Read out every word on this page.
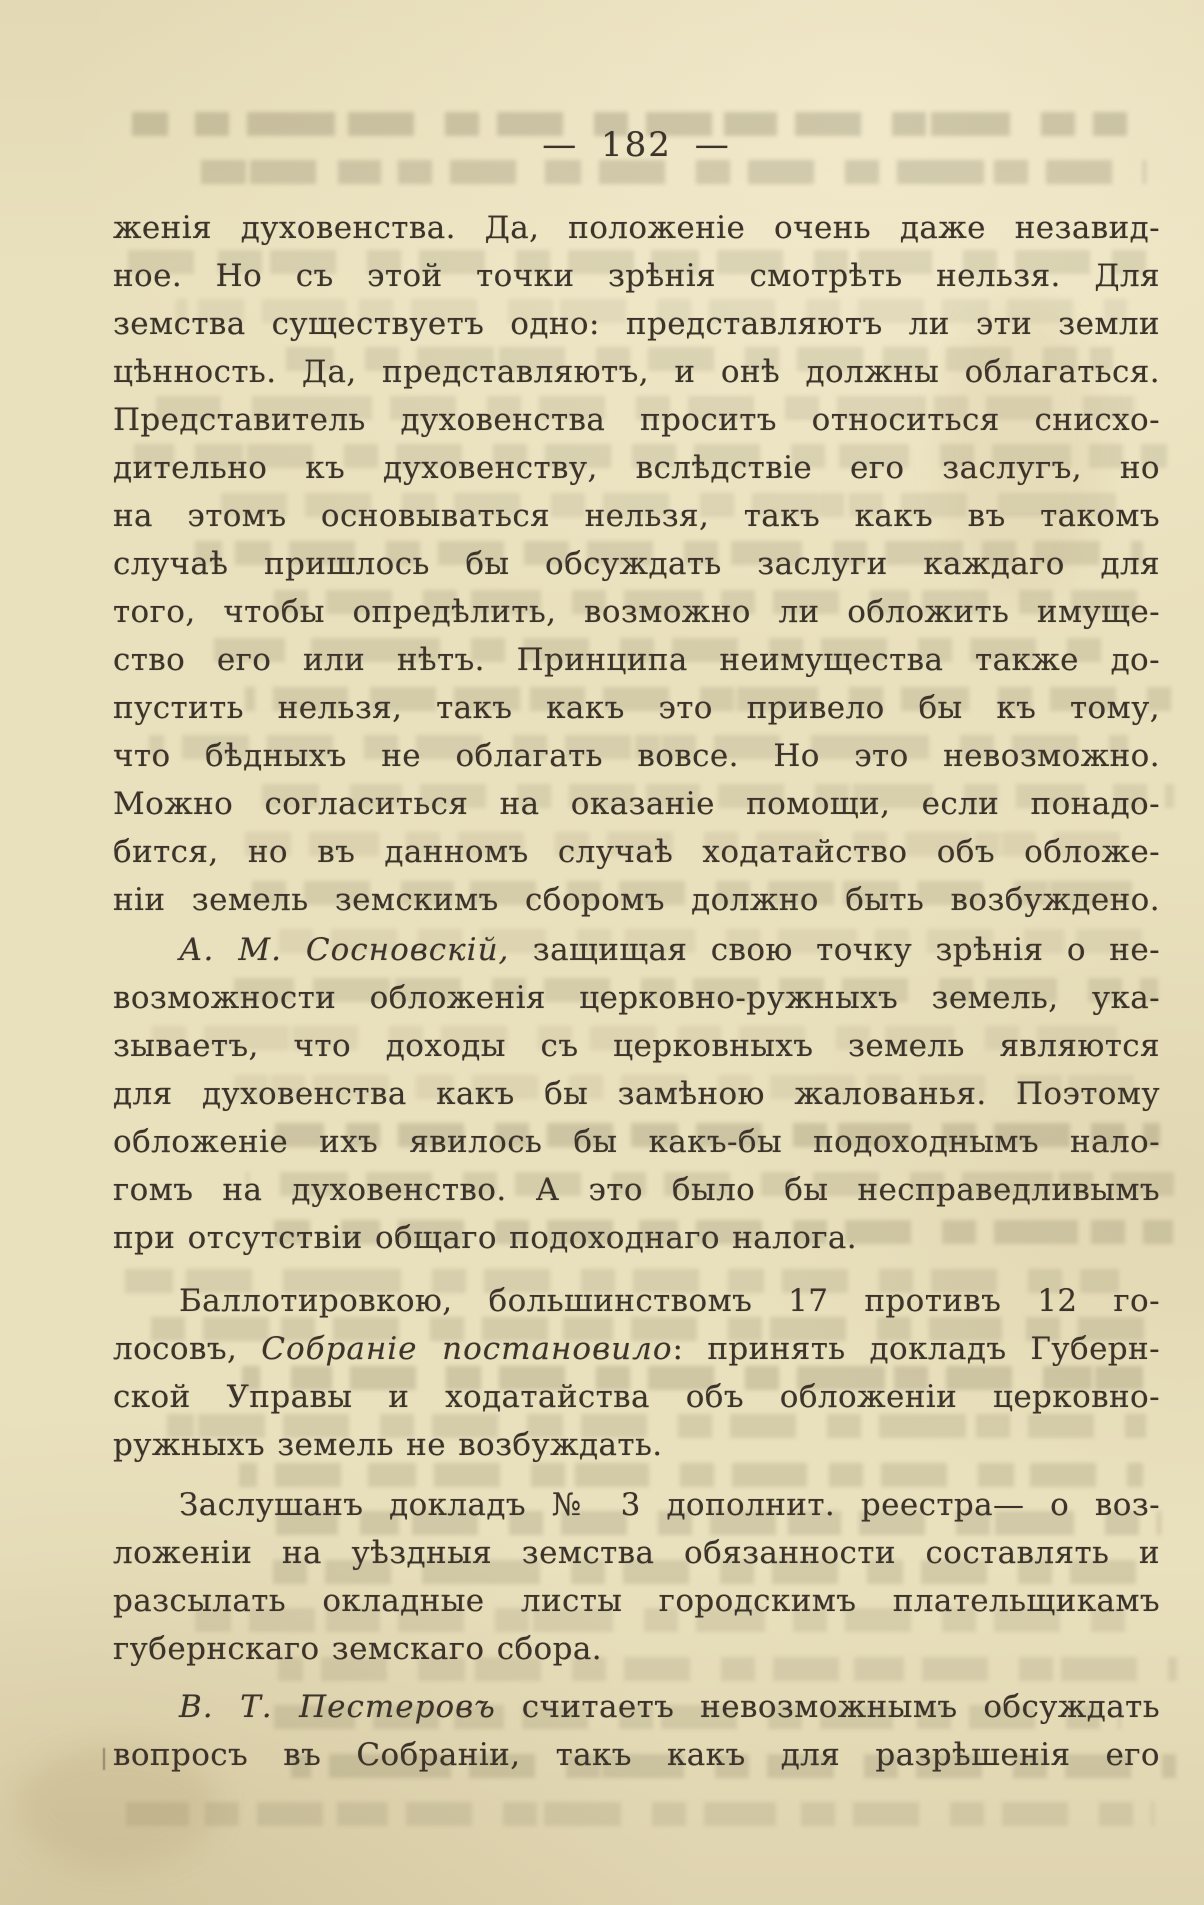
— 182 —
женія духовенства. Да, положеніе очень даже незавид-
ное. Но съ этой точки зрѣнія смотрѣть нельзя. Для
земства существуетъ одно: представляютъ ли эти земли
цѣнность. Да, представляютъ, и онѣ должны облагаться.
Представитель духовенства проситъ относиться снисхо-
дительно къ духовенству, вслѣдствіе его заслугъ, но
на этомъ основываться нельзя, такъ какъ въ такомъ
случаѣ пришлось бы обсуждать заслуги каждаго для
того, чтобы опредѣлить, возможно ли обложить имуще-
ство его или нѣтъ. Принципа неимущества также до-
пустить нельзя, такъ какъ это привело бы къ тому,
что бѣдныхъ не облагать вовсе. Но это невозможно.
Можно согласиться на оказаніе помощи, если понадо-
бится, но въ данномъ случаѣ ходатайство объ обложе-
ніи земель земскимъ сборомъ должно быть возбуждено.
А. М. Сосновскій, защищая свою точку зрѣнія о не-
возможности обложенія церковно-ружныхъ земель, ука-
зываетъ, что доходы съ церковныхъ земель являются
для духовенства какъ бы замѣною жалованья. Поэтому
обложеніе ихъ явилось бы какъ-бы подоходнымъ нало-
гомъ на духовенство. А это было бы несправедливымъ
при отсутствіи общаго подоходнаго налога.
Баллотировкою, большинствомъ 17 противъ 12 го-
лосовъ, Собраніе постановило: принять докладъ Губерн-
ской Управы и ходатайства объ обложеніи церковно-
ружныхъ земель не возбуждать.
Заслушанъ докладъ № 3 дополнит. реестра— о воз-
ложеніи на уѣздныя земства обязанности составлять и
разсылать окладные листы городскимъ плательщикамъ
губернскаго земскаго сбора.
В. Т. Пестеровъ считаетъ невозможнымъ обсуждать
вопросъ въ Собраніи, такъ какъ для разрѣшенія его
